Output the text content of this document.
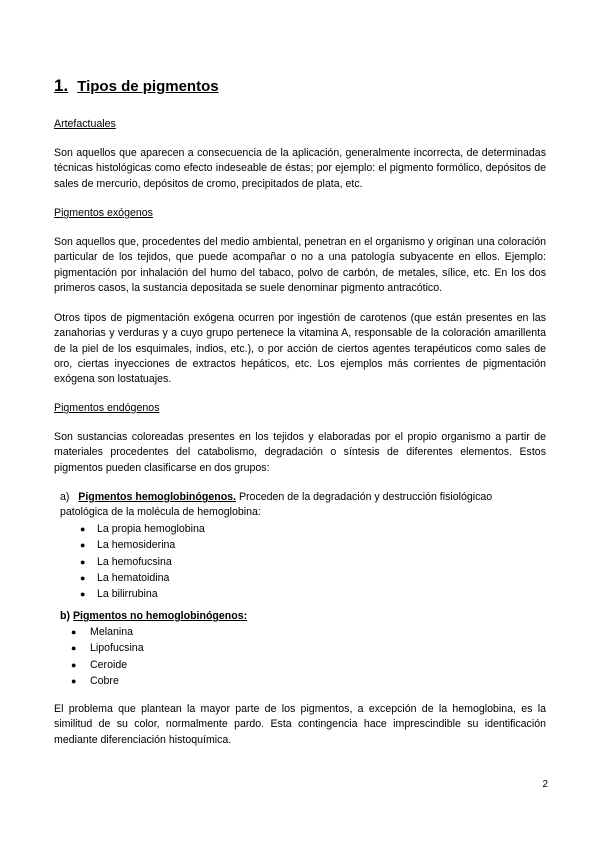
1. Tipos de pigmentos
Artefactuales

Son aquellos que aparecen a consecuencia de la aplicación, generalmente incorrecta, de determinadas técnicas histológicas como efecto indeseable de éstas; por ejemplo: el pigmento formólico, depósitos de sales de mercurio, depósitos de cromo, precipitados de plata, etc.

Pigmentos exógenos

Son aquellos que, procedentes del medio ambiental, penetran en el organismo y originan una coloración particular de los tejidos, que puede acompañar o no a una patología subyacente en ellos. Ejemplo: pigmentación por inhalación del humo del tabaco, polvo de carbón, de metales, sílice, etc. En los dos primeros casos, la sustancia depositada se suele denominar pigmento antracótico.

Otros tipos de pigmentación exógena ocurren por ingestión de carotenos (que están presentes en las zanahorias y verduras y a cuyo grupo pertenece la vitamina A, responsable de la coloración amarillenta de la piel de los esquimales, indios, etc.), o por acción de ciertos agentes terapéuticos como sales de oro, ciertas inyecciones de extractos hepáticos, etc. Los ejemplos más corrientes de pigmentación exógena son lostatuajes.

Pigmentos endógenos

Son sustancias coloreadas presentes en los tejidos y elaboradas por el propio organismo a partir de materiales procedentes del catabolismo, degradación o síntesis de diferentes elementos. Estos pigmentos pueden clasificarse en dos grupos:

a) Pigmentos hemoglobinógenos. Proceden de la degradación y destrucción fisiológicao patológica de la molécula de hemoglobina:

● La propia hemoglobina
● La hemosiderina
● La hemofucsina
● La hematoidina
● La bilirrubina
b) Pigmentos no hemoglobinógenos:
● Melanina
● Lipofucsina
● Ceroide
● Cobre

El problema que plantean la mayor parte de los pigmentos, a excepción de la hemoglobina, es la similitud de su color, normalmente pardo. Esta contingencia hace imprescindible su identificación mediante diferenciación histoquímica.

2
